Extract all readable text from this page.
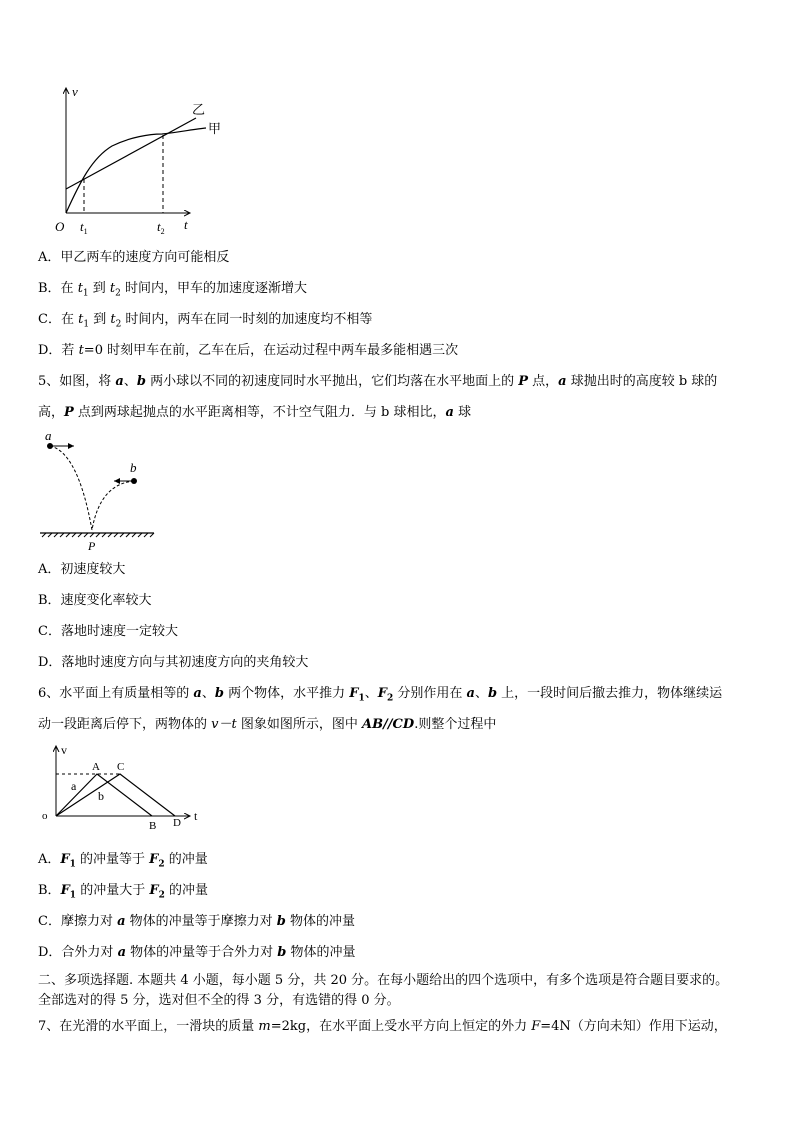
v
t
O $t_1$	$t_2$
乙
甲
A．甲乙两车的速度方向可能相反
B．在 $t_1$ 到 $t_2$ 时间内，甲车的加速度逐渐增大
C．在 $t_1$ 到 $t_2$ 时间内，两车在同一时刻的加速度均不相等
D．若 t=0 时刻甲车在前，乙车在后，在运动过程中两车最多能相遇三次
5、如图，将 a、b 两小球以不同的初速度同时水平抛出，它们均落在水平地面上的 P 点，a 球抛出时的高度较 b 球的
高，P 点到两球起抛点的水平距离相等，不计空气阻力．与 b 球相比，a 球
a
b
P
A．初速度较大
B．速度变化率较大
C．落地时速度一定较大
D．落地时速度方向与其初速度方向的夹角较大
6、水平面上有质量相等的 a、b 两个物体，水平推力 $F_1$、$F_2$ 分别作用在 a、b 上，一段时间后撤去推力，物体继续运
动一段距离后停下，两物体的 v－t 图象如图所示，图中 AB//CD.则整个过程中
v
t
o
A C
a
b
B D
A．$F_1$ 的冲量等于 $F_2$ 的冲量
B．$F_1$ 的冲量大于 $F_2$ 的冲量
C．摩擦力对 a 物体的冲量等于摩擦力对 b 物体的冲量
D．合外力对 a 物体的冲量等于合外力对 b 物体的冲量
二、多项选择题. 本题共 4 小题，每小题 5 分，共 20 分。在每小题给出的四个选项中，有多个选项是符合题目要求的。
全部选对的得 5 分，选对但不全的得 3 分，有选错的得 0 分。
7、在光滑的水平面上，一滑块的质量 m=2kg，在水平面上受水平方向上恒定的外力 F=4N（方向未知）作用下运动，
